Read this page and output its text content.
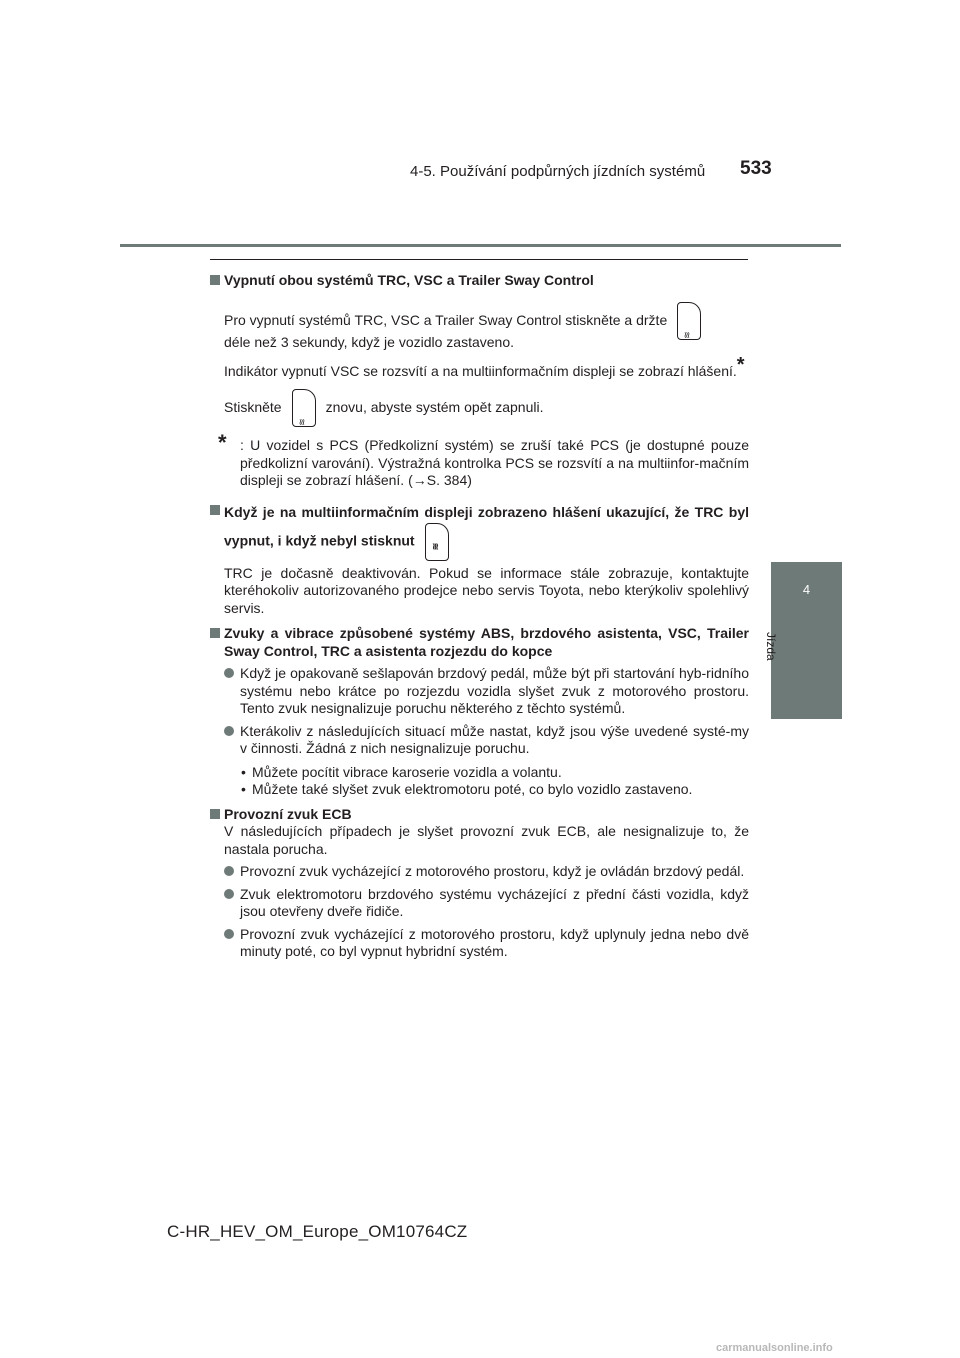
4-5. Používání podpůrných jízdních systémů 533
4
Jízda

Vypnutí obou systémů TRC, VSC a Trailer Sway Control

Pro vypnutí systémů TRC, VSC a Trailer Sway Control stiskněte a držte≋

déle než 3 sekundy, když je vozidlo zastaveno.

Indikátor vypnutí VSC se rozsvítí a na multiinformačním displeji se zobrazí hlášení.*

Stiskněte≋	znovu, abyste systém opět zapnuli.

* : U vozidel s PCS (Předkolizní systém) se zruší také PCS (je dostupné pouze předkolizní varování). Výstražná kontrolka PCS se rozsvítí a na multiinfor-mačním displeji se zobrazí hlášení. (→S. 384)

Když je na multiinformačním displeji zobrazeno hlášení ukazující, že TRC byl vypnut, i když nebyl stisknut≋

TRC je dočasně deaktivován. Pokud se informace stále zobrazuje, kontaktujte kteréhokoliv autorizovaného prodejce nebo servis Toyota, nebo kterýkoliv spolehlivý servis.

Zvuky a vibrace způsobené systémy ABS, brzdového asistenta, VSC, Trailer Sway Control, TRC a asistenta rozjezdu do kopce

Když je opakovaně sešlapován brzdový pedál, může být při startování hyb-ridního systému nebo krátce po rozjezdu vozidla slyšet zvuk z motorového prostoru. Tento zvuk nesignalizuje poruchu některého z těchto systémů.

Kterákoliv z následujících situací může nastat, když jsou výše uvedené systé-my v činnosti. Žádná z nich nesignalizuje poruchu.

• Můžete pocítit vibrace karoserie vozidla a volantu.

• Můžete také slyšet zvuk elektromotoru poté, co bylo vozidlo zastaveno.

Provozní zvuk ECB

V následujících případech je slyšet provozní zvuk ECB, ale nesignalizuje to, že nastala porucha.

Provozní zvuk vycházející z motorového prostoru, když je ovládán brzdový pedál.

Zvuk elektromotoru brzdového systému vycházející z přední části vozidla, když jsou otevřeny dveře řidiče.

Provozní zvuk vycházející z motorového prostoru, když uplynuly jedna nebo dvě minuty poté, co byl vypnut hybridní systém.

C-HR_HEV_OM_Europe_OM10764CZ
carmanualsonline.info
